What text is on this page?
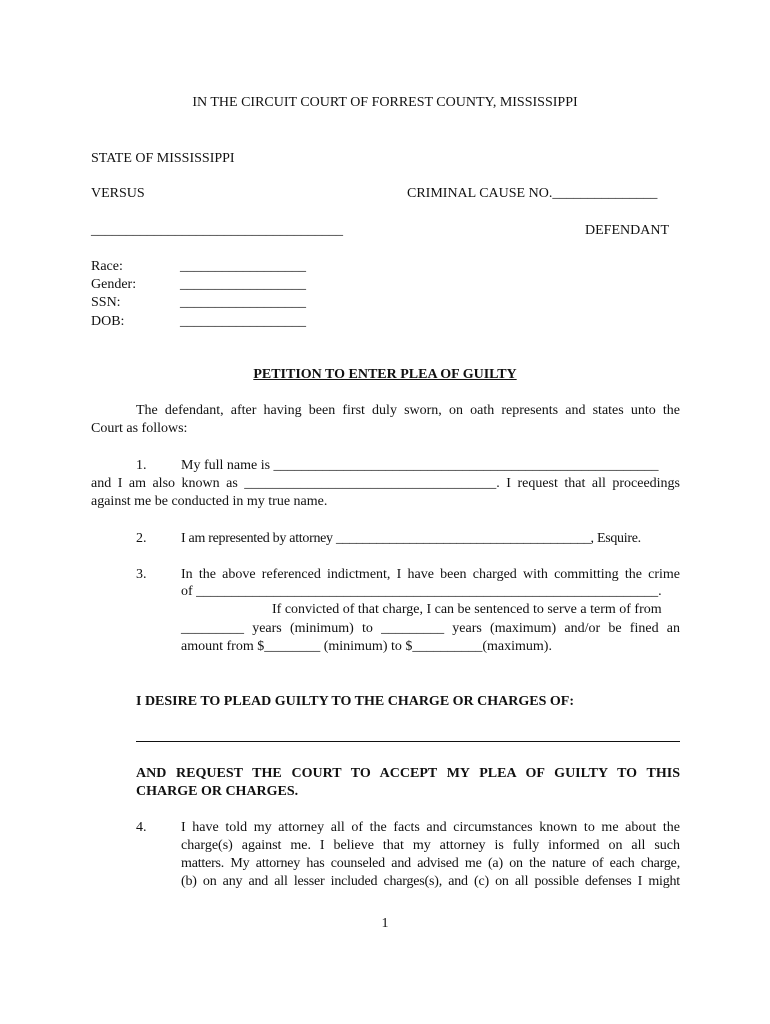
IN THE CIRCUIT COURT OF FORREST COUNTY, MISSISSIPPI
STATE OF MISSISSIPPI
VERSUS	CRIMINAL CAUSE NO._______________
____________________________________	DEFENDANT
Race:	__________________
Gender:	__________________
SSN:	__________________
DOB:	__________________
PETITION TO ENTER PLEA OF GUILTY
The defendant, after having been first duly sworn, on oath represents and states unto the
Court as follows:
1. My full name is _______________________________________________________
and I am also known as ____________________________________. I request that all proceedings
against me be conducted in my true name.
2. I am represented by attorney ______________________________________, Esquire.
3. In the above referenced indictment, I have been charged with committing the crime
of __________________________________________________________________.
If convicted of that charge, I can be sentenced to serve a term of from
_________ years (minimum) to _________ years (maximum) and/or be fined an
amount from $________ (minimum) to $__________(maximum).
I DESIRE TO PLEAD GUILTY TO THE CHARGE OR CHARGES OF:
AND REQUEST THE COURT TO ACCEPT MY PLEA OF GUILTY TO THIS
CHARGE OR CHARGES.
4. I have told my attorney all of the facts and circumstances known to me about the
charge(s) against me. I believe that my attorney is fully informed on all such
matters. My attorney has counseled and advised me (a) on the nature of each charge,
(b) on any and all lesser included charges(s), and (c) on all possible defenses I might
1
